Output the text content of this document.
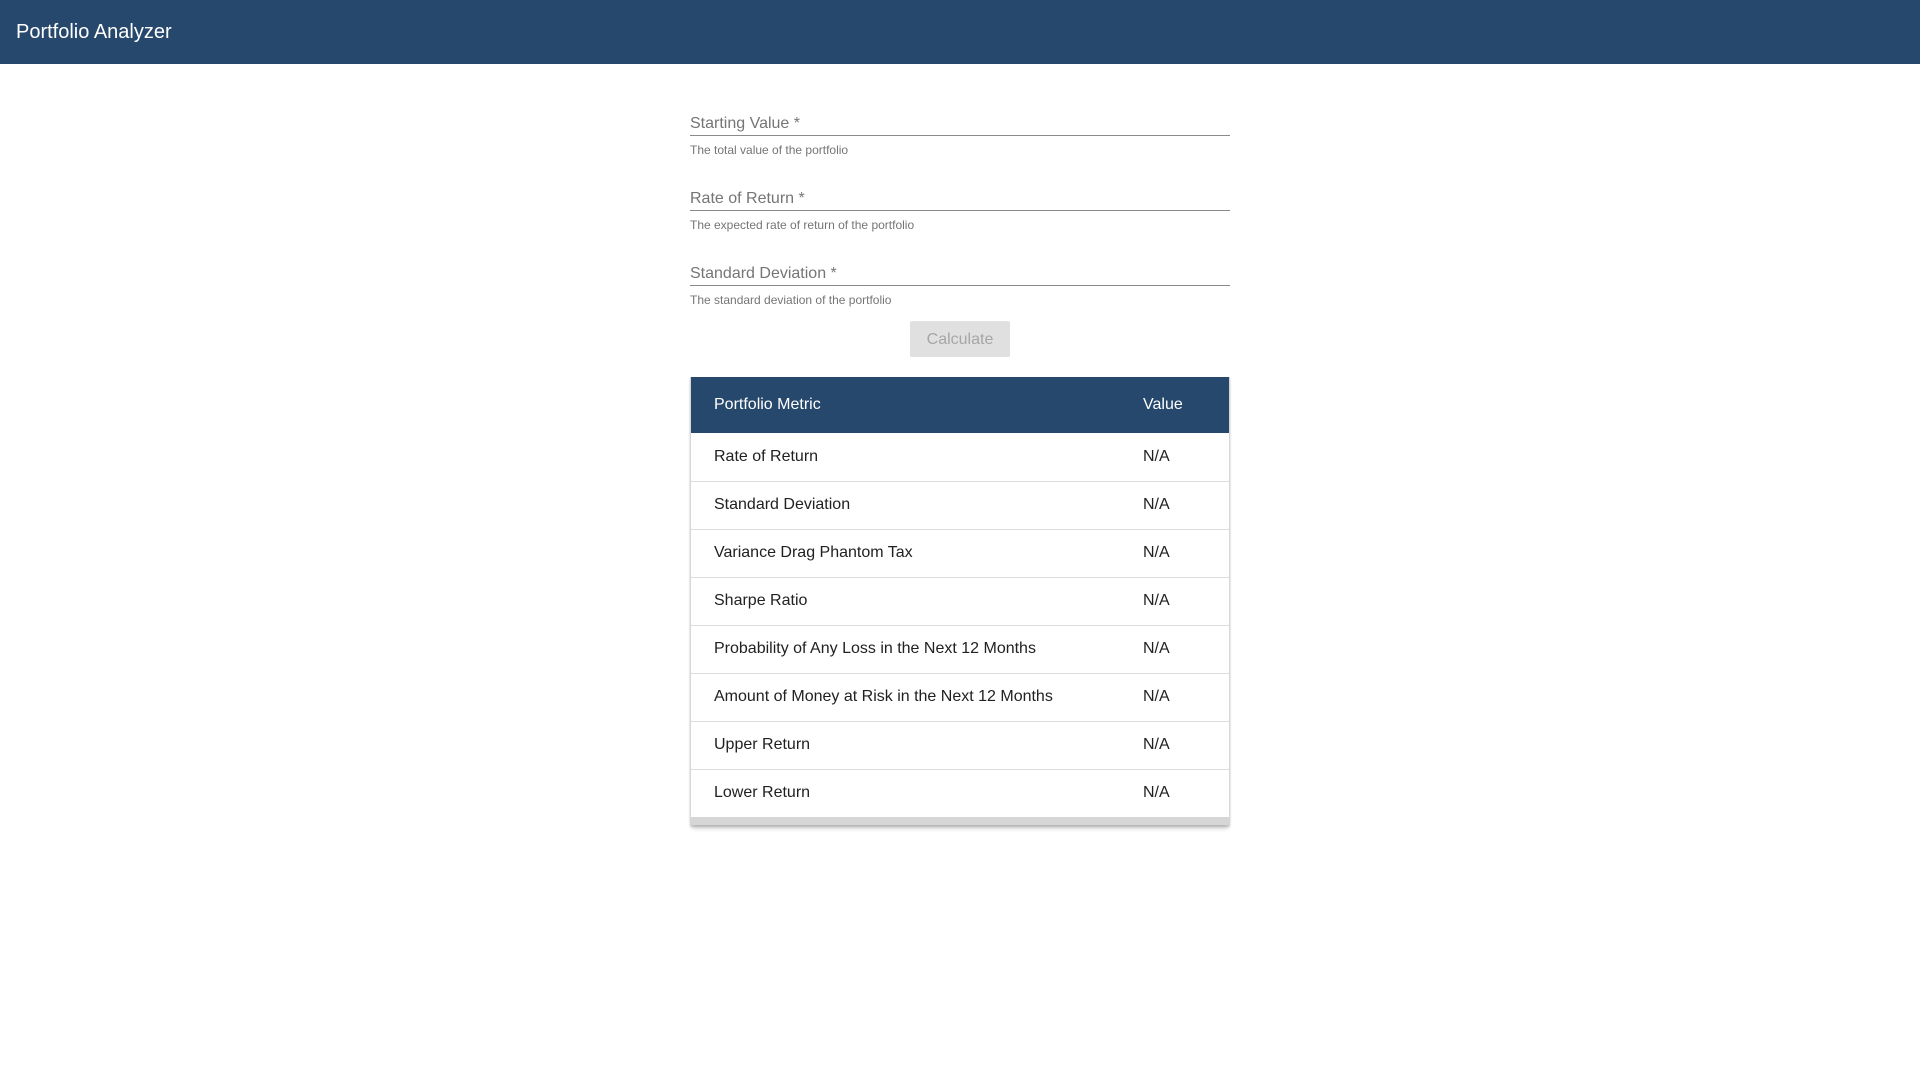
Portfolio Analyzer
Starting Value *
The total value of the portfolio
Rate of Return *
The expected rate of return of the portfolio
Standard Deviation *
The standard deviation of the portfolio
Calculate
Portfolio Metric	Value
Rate of Return	N/A
Standard Deviation	N/A
Variance Drag Phantom Tax	N/A
Sharpe Ratio	N/A
Probability of Any Loss in the Next 12 Months	N/A
Amount of Money at Risk in the Next 12 Months	N/A
Upper Return	N/A
Lower Return	N/A
